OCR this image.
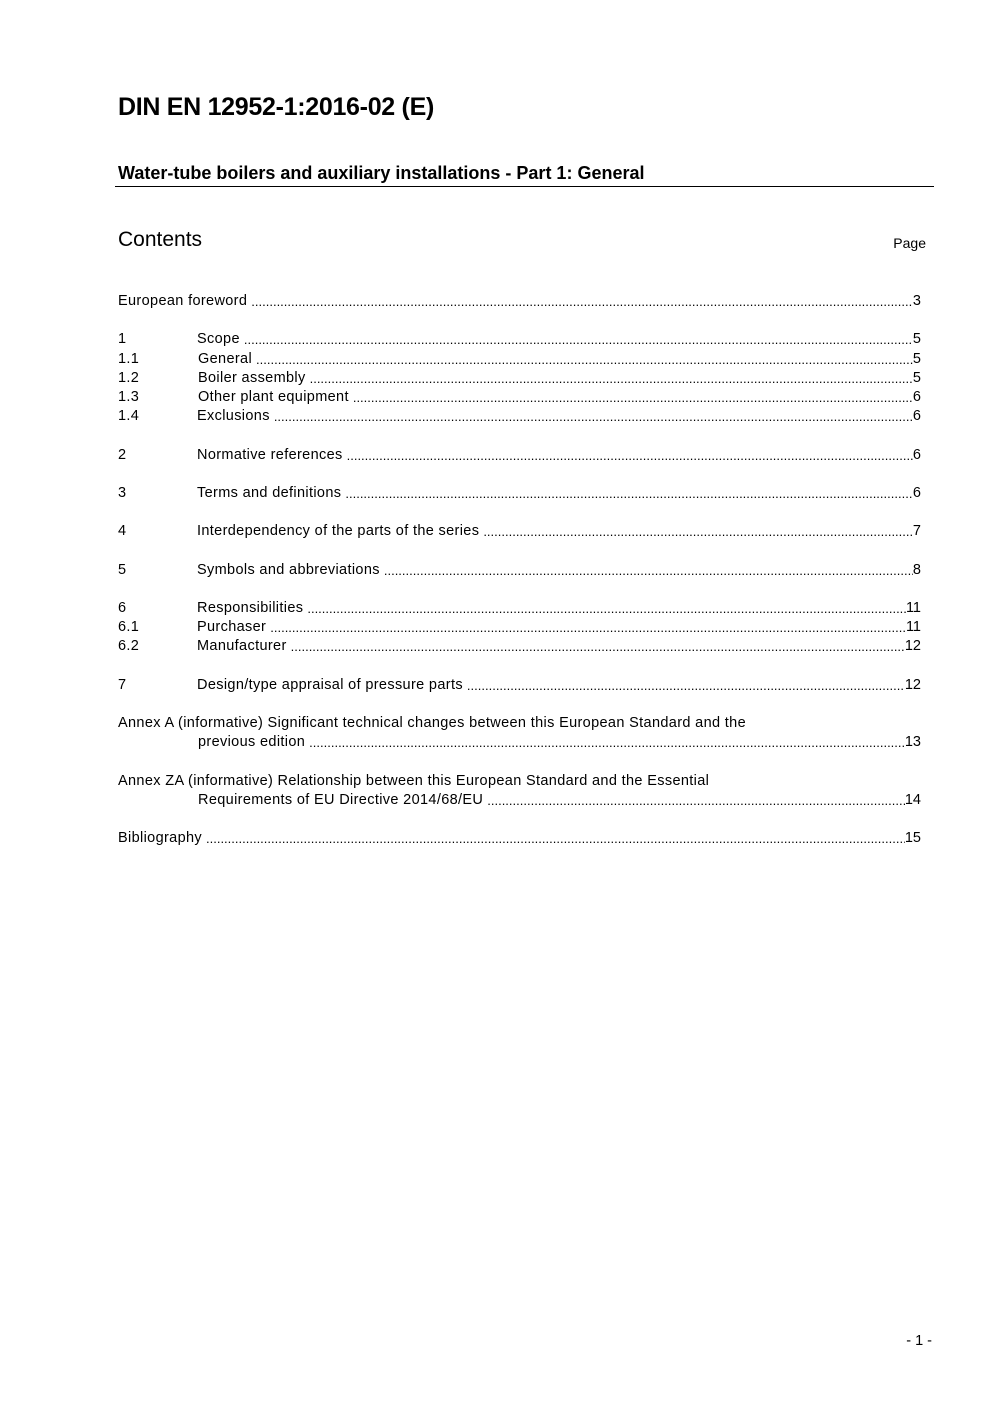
DIN EN 12952-1:2016-02 (E)
Water-tube boilers and auxiliary installations - Part 1: General
Contents	Page
European foreword .....	3
1	Scope .....	5
1.1	General .....	5
1.2	Boiler assembly .....	5
1.3	Other plant equipment .....	6
1.4	Exclusions .....	6
2	Normative references .....	6
3	Terms and definitions .....	6
4	Interdependency of the parts of the series .....	7
5	Symbols and abbreviations .....	8
6	Responsibilities .....	11
6.1	Purchaser .....	11
6.2	Manufacturer .....	12
7	Design/type appraisal of pressure parts .....	12
Annex A (informative) Significant technical changes between this European Standard and the
previous edition .....	13
Annex ZA (informative) Relationship between this European Standard and the Essential
Requirements of EU Directive 2014/68/EU .....	14
Bibliography .....	15
- 1 -
